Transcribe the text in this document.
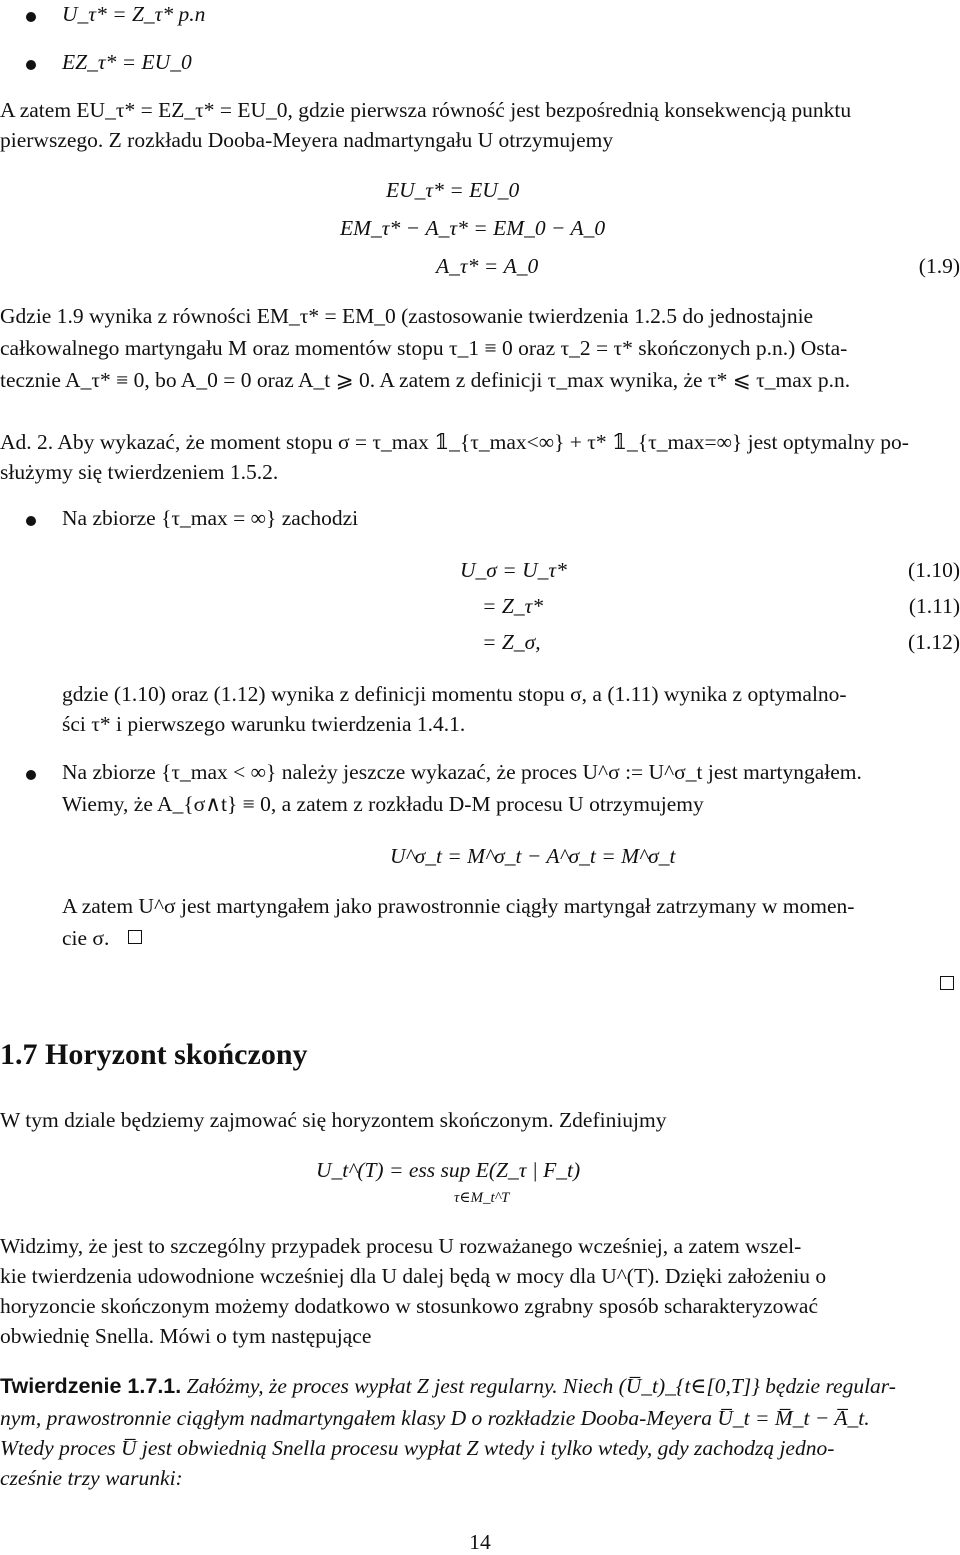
U_τ* = Z_τ* p.n

EZ_τ* = EU_0

A zatem EU_τ* = EZ_τ* = EU_0, gdzie pierwsza równość jest bezpośrednią konsekwencją punktu

pierwszego. Z rozkładu Dooba-Meyera nadmartyngału U otrzymujemy

EU_τ* = EU_0

EM_τ* − A_τ* = EM_0 − A_0

A_τ* = A_0	(1.9)

Gdzie 1.9 wynika z równości EM_τ* = EM_0 (zastosowanie twierdzenia 1.2.5 do jednostajnie

całkowalnego martyngału M oraz momentów stopu τ_1 ≡ 0 oraz τ_2 = τ* skończonych p.n.) Osta-

tecznie A_τ* ≡ 0, bo A_0 = 0 oraz A_t ⩾ 0. A zatem z definicji τ_max wynika, że τ* ⩽ τ_max p.n.

Ad. 2. Aby wykazać, że moment stopu σ = τ_max 𝟙_{τ_max<∞} + τ* 𝟙_{τ_max=∞} jest optymalny po-

służymy się twierdzeniem 1.5.2.

Na zbiorze {τ_max = ∞} zachodzi

U_σ = U_τ*	(1.10)

= Z_τ*	(1.11)

= Z_σ,	(1.12)

gdzie (1.10) oraz (1.12) wynika z definicji momentu stopu σ, a (1.11) wynika z optymalno-

ści τ* i pierwszego warunku twierdzenia 1.4.1.

Na zbiorze {τ_max < ∞} należy jeszcze wykazać, że proces U^σ := U^σ_t jest martyngałem.

Wiemy, że A_{σ∧t} ≡ 0, a zatem z rozkładu D-M procesu U otrzymujemy

U^σ_t = M^σ_t − A^σ_t = M^σ_t

A zatem U^σ jest martyngałem jako prawostronnie ciągły martyngał zatrzymany w momen-

cie σ.

1.7 Horyzont skończony

W tym dziale będziemy zajmować się horyzontem skończonym. Zdefiniujmy

U_t^(T) = ess sup E(Z_τ | F_t)

τ∈M_t^T

Widzimy, że jest to szczególny przypadek procesu U rozważanego wcześniej, a zatem wszel-

kie twierdzenia udowodnione wcześniej dla U dalej będą w mocy dla U^(T). Dzięki założeniu o

horyzoncie skończonym możemy dodatkowo w stosunkowo zgrabny sposób scharakteryzować

obwiednię Snella. Mówi o tym następujące

Twierdzenie 1.7.1. Załóżmy, że proces wypłat Z jest regularny. Niech (U̅_t)_{t∈[0,T]} będzie regular-

nym, prawostronnie ciągłym nadmartyngałem klasy D o rozkładzie Dooba-Meyera U̅_t = M̅_t − A̅_t.

Wtedy proces U̅ jest obwiednią Snella procesu wypłat Z wtedy i tylko wtedy, gdy zachodzą jedno-

cześnie trzy warunki:

14
